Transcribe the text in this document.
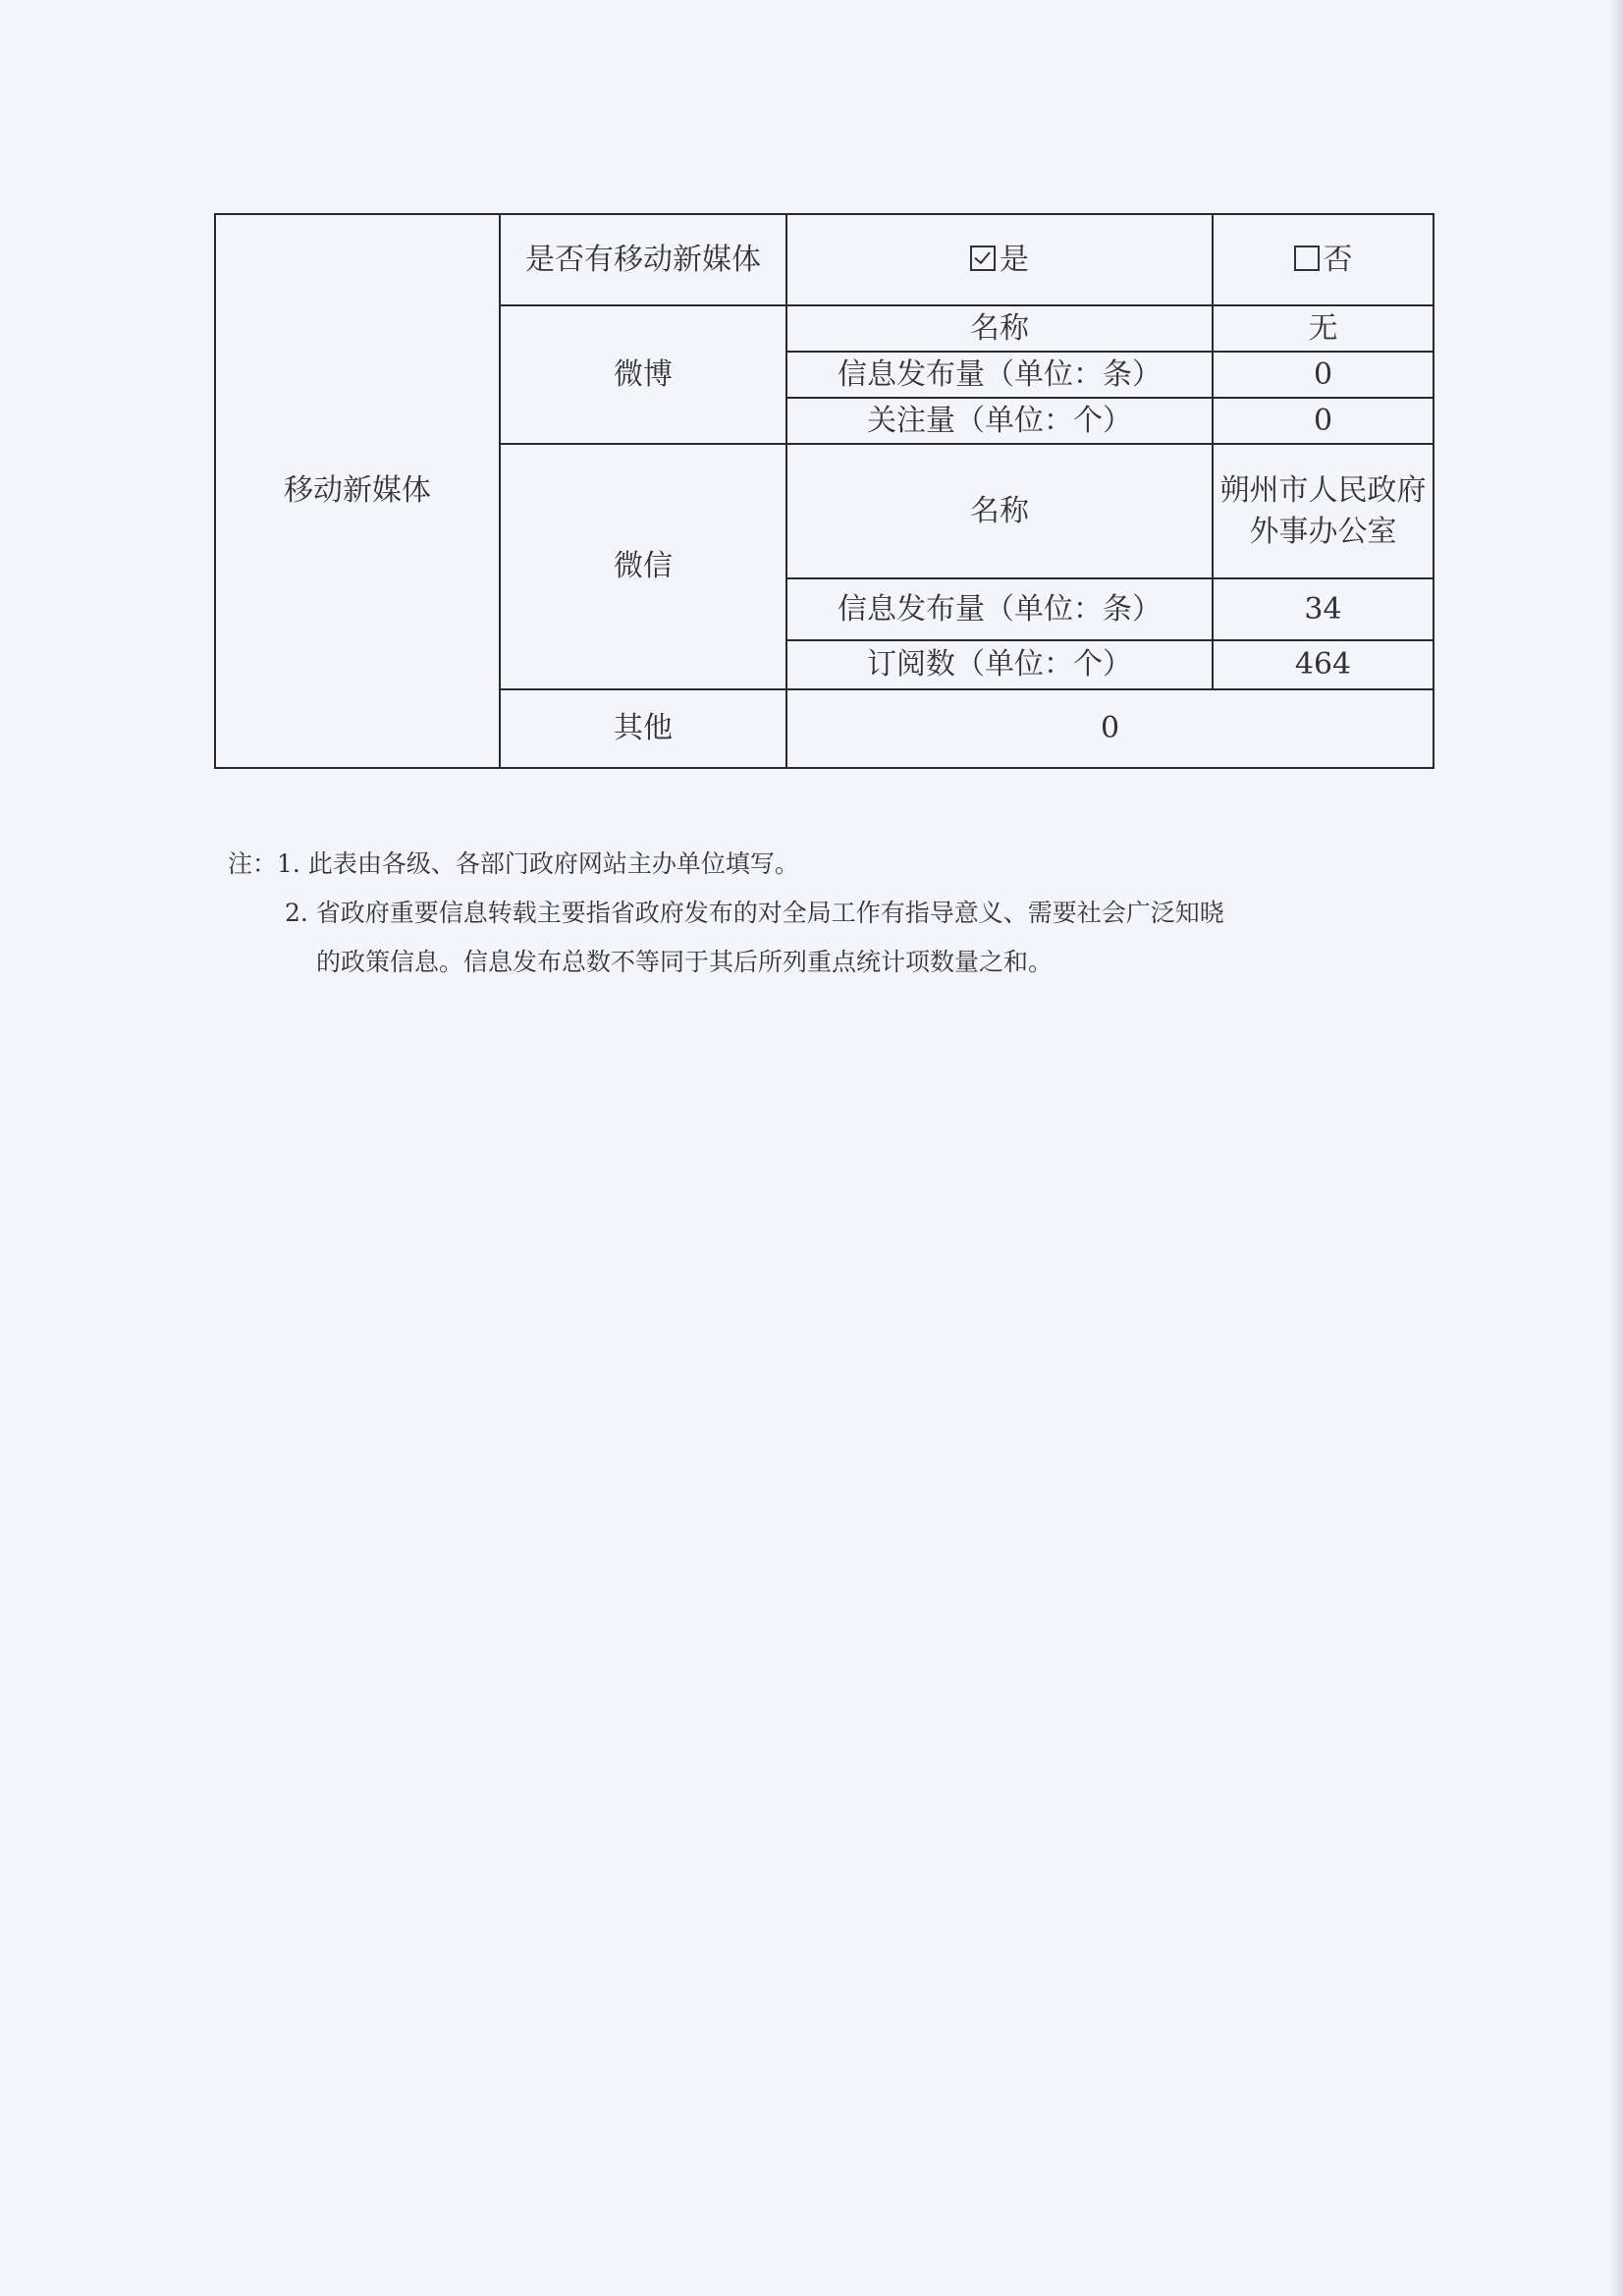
移动新媒体	是否有移动新媒体	是	否
	微博	名称	无
		信息发布量（单位：条）	0
		关注量（单位：个）	0
	微信	名称	朔州市人民政府外事办公室
		信息发布量（单位：条）	34
		订阅数（单位：个）	464
	其他	0	
注：1. 此表由各级、各部门政府网站主办单位填写。
2. 省政府重要信息转载主要指省政府发布的对全局工作有指导意义、需要社会广泛知晓
的政策信息。信息发布总数不等同于其后所列重点统计项数量之和。
